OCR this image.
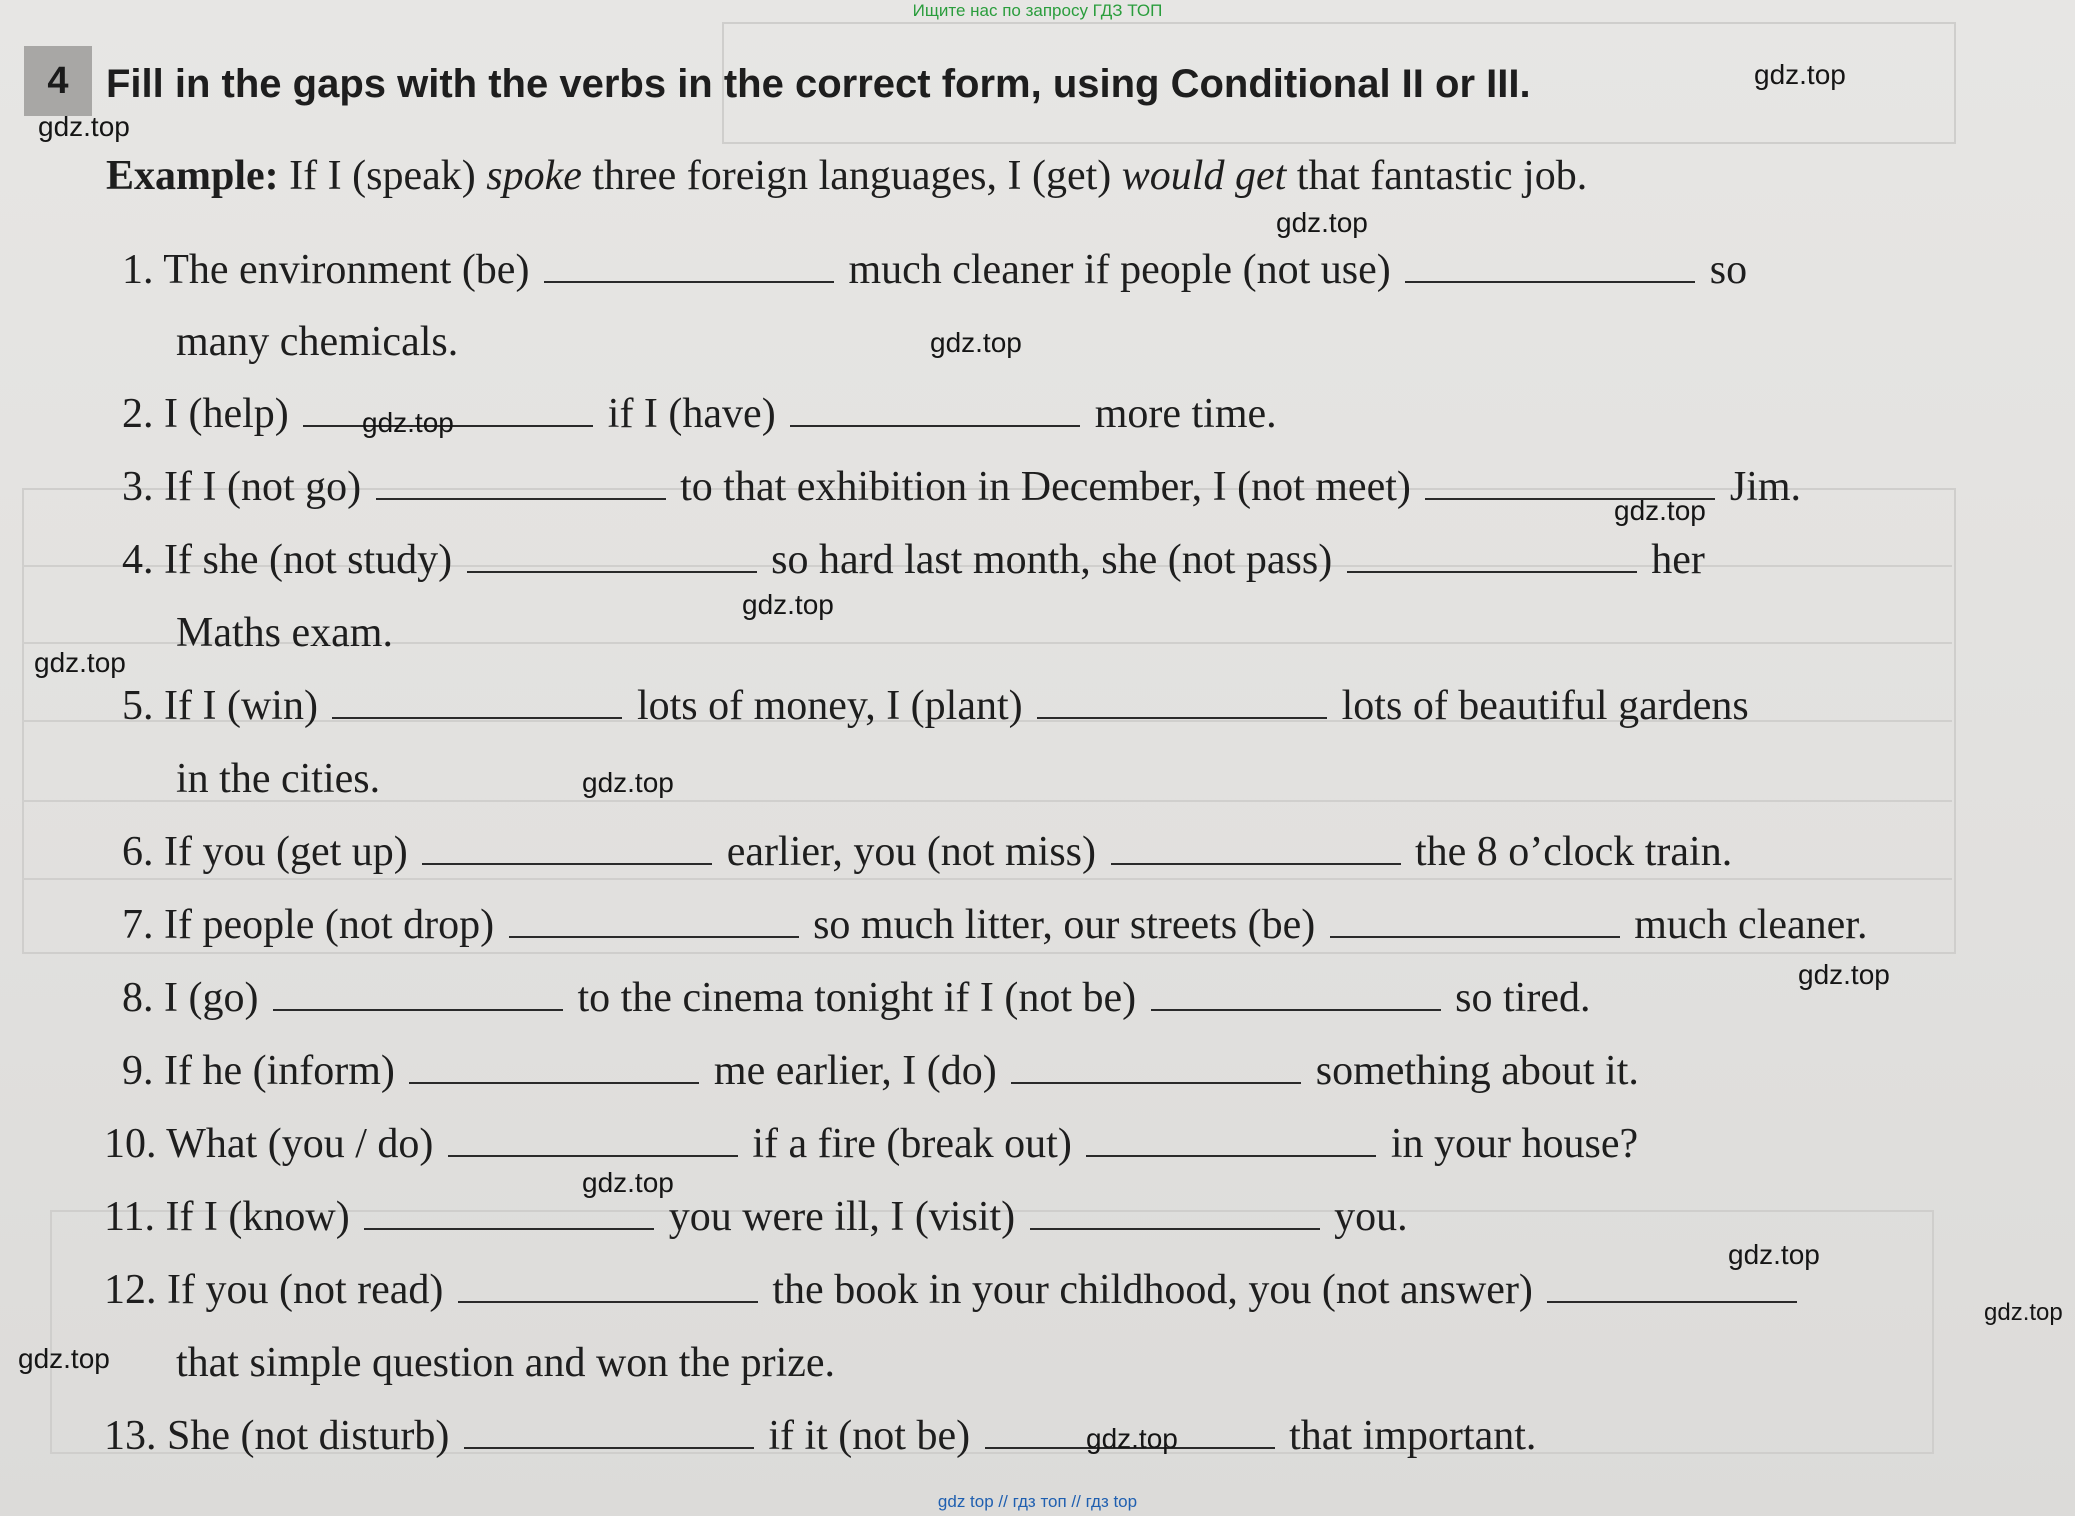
Ищите нас по запросу ГДЗ ТОП
4 Fill in the gaps with the verbs in the correct form, using Conditional II or III.
Example: If I (speak) spoke three foreign languages, I (get) would get that fantastic job.
1. The environment (be)	much cleaner if people (not use)	so
many chemicals.
2. I (help)	if I (have)	more time.
3. If I (not go)	to that exhibition in December, I (not meet)	Jim.
4. If she (not study)	so hard last month, she (not pass)	her
Maths exam.
5. If I (win)	lots of money, I (plant)	lots of beautiful gardens
in the cities.
6. If you (get up)	earlier, you (not miss)	the 8 o’clock train.
7. If people (not drop)	so much litter, our streets (be)	much cleaner.
8. I (go)	to the cinema tonight if I (not be)	so tired.
9. If he (inform)	me earlier, I (do)	something about it.
10. What (you / do)	if a fire (break out)	in your house?
11. If I (know)	you were ill, I (visit)	you.
12. If you (not read)	the book in your childhood, you (not answer)
that simple question and won the prize.
13. She (not disturb)	if it (not be)	that important.
gdz.top
gdz.top
gdz.top
gdz.top
gdz.top
gdz.top
gdz.top
gdz.top
gdz.top
gdz.top
gdz.top
gdz.top
gdz.top
gdz.top
gdz.top
gdz top // гдз топ // гдз top
